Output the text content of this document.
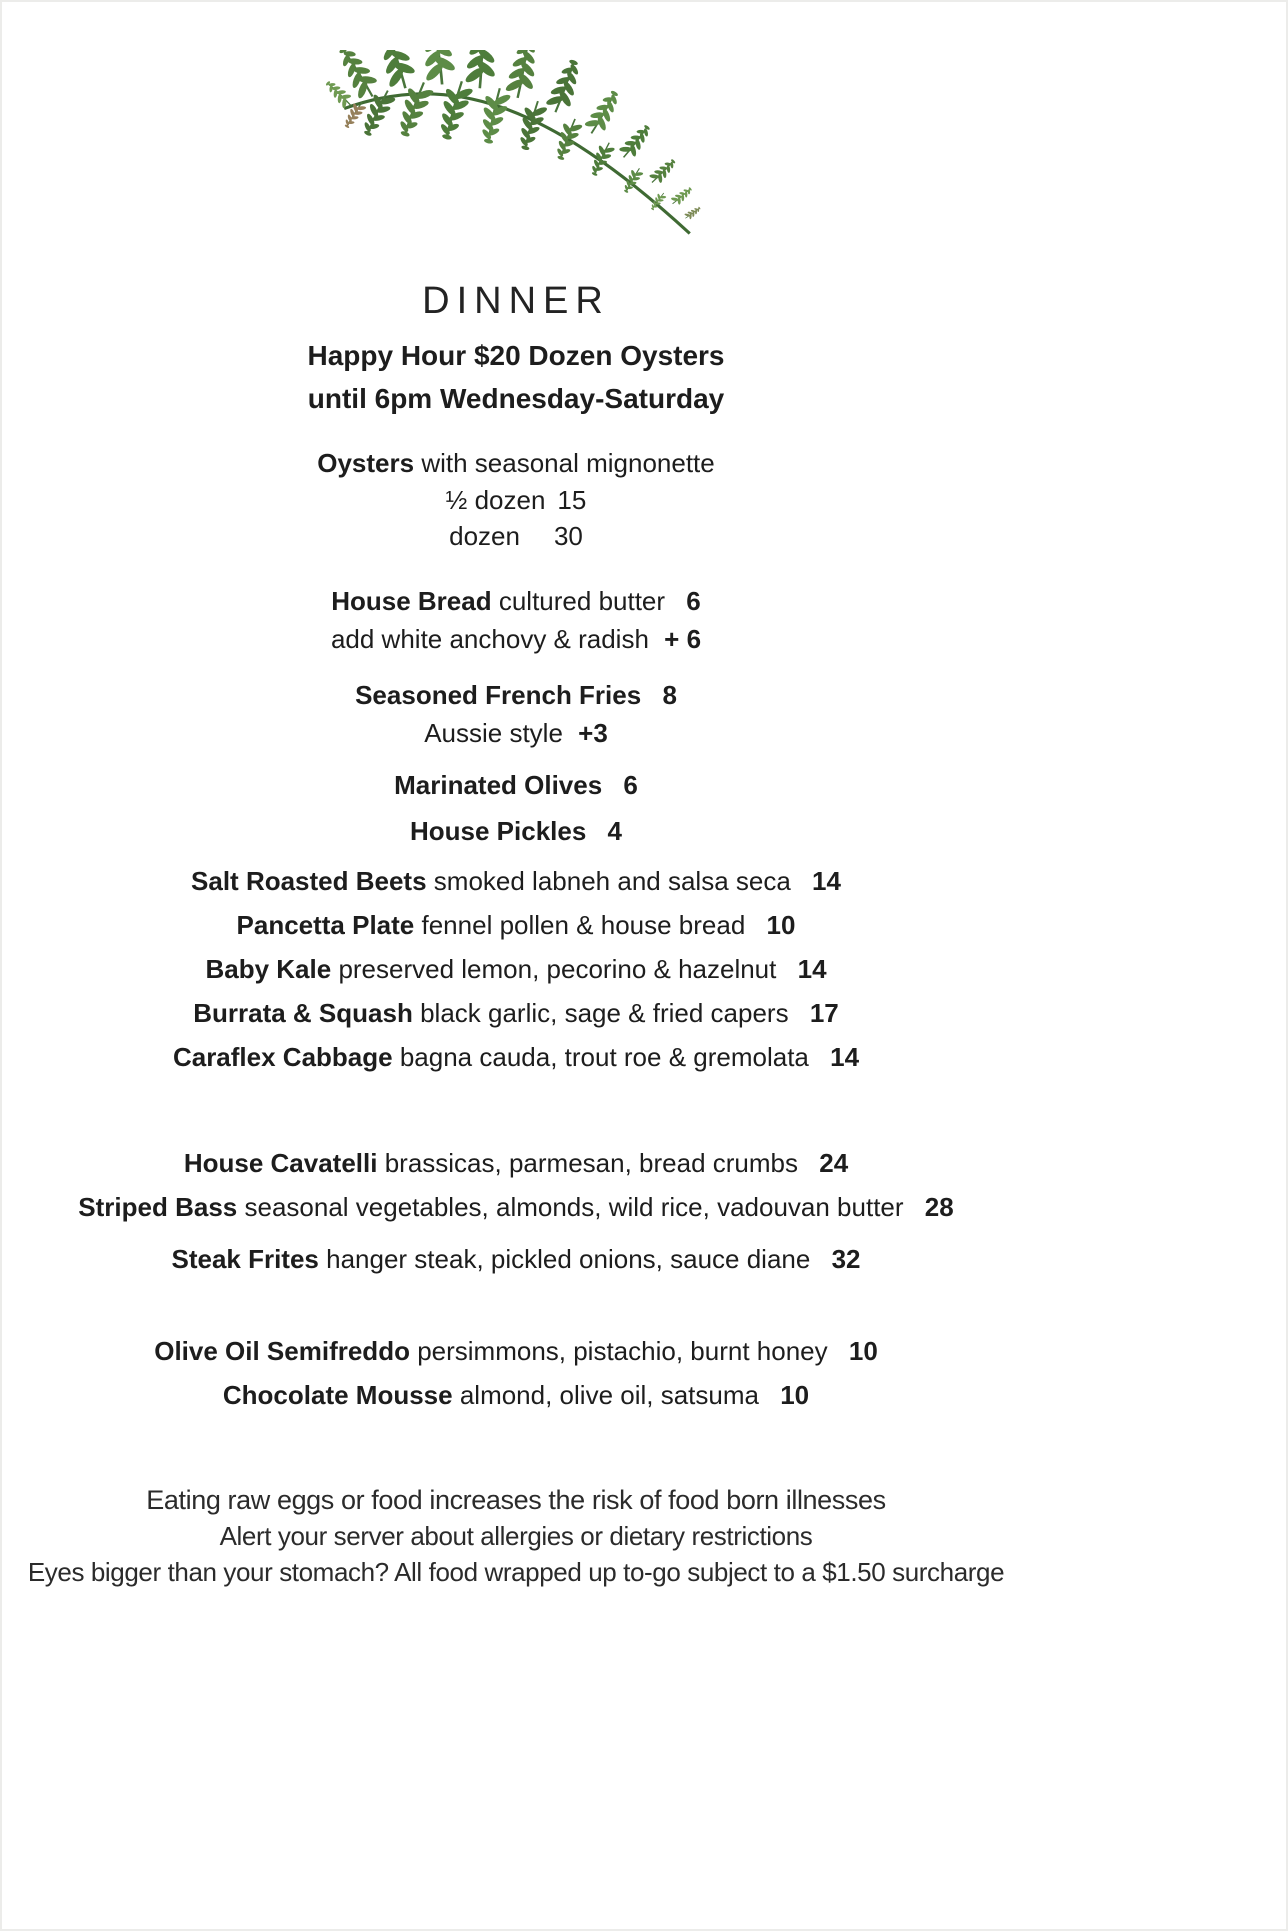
DINNER
Happy Hour $20 Dozen Oysters
until 6pm Wednesday-Saturday
Oysters with seasonal mignonette
½ dozen 15
dozen 30
House Bread cultured butter 6
add white anchovy & radish + 6
Seasoned French Fries 8
Aussie style +3
Marinated Olives 6
House Pickles 4
Salt Roasted Beets smoked labneh and salsa seca 14
Pancetta Plate fennel pollen & house bread 10
Baby Kale preserved lemon, pecorino & hazelnut 14
Burrata & Squash black garlic, sage & fried capers 17
Caraflex Cabbage bagna cauda, trout roe & gremolata 14
House Cavatelli brassicas, parmesan, bread crumbs 24
Striped Bass seasonal vegetables, almonds, wild rice, vadouvan butter 28
Steak Frites hanger steak, pickled onions, sauce diane 32
Olive Oil Semifreddo persimmons, pistachio, burnt honey 10
Chocolate Mousse almond, olive oil, satsuma 10
Eating raw eggs or food increases the risk of food born illnesses
Alert your server about allergies or dietary restrictions
Eyes bigger than your stomach? All food wrapped up to-go subject to a $1.50 surcharge
